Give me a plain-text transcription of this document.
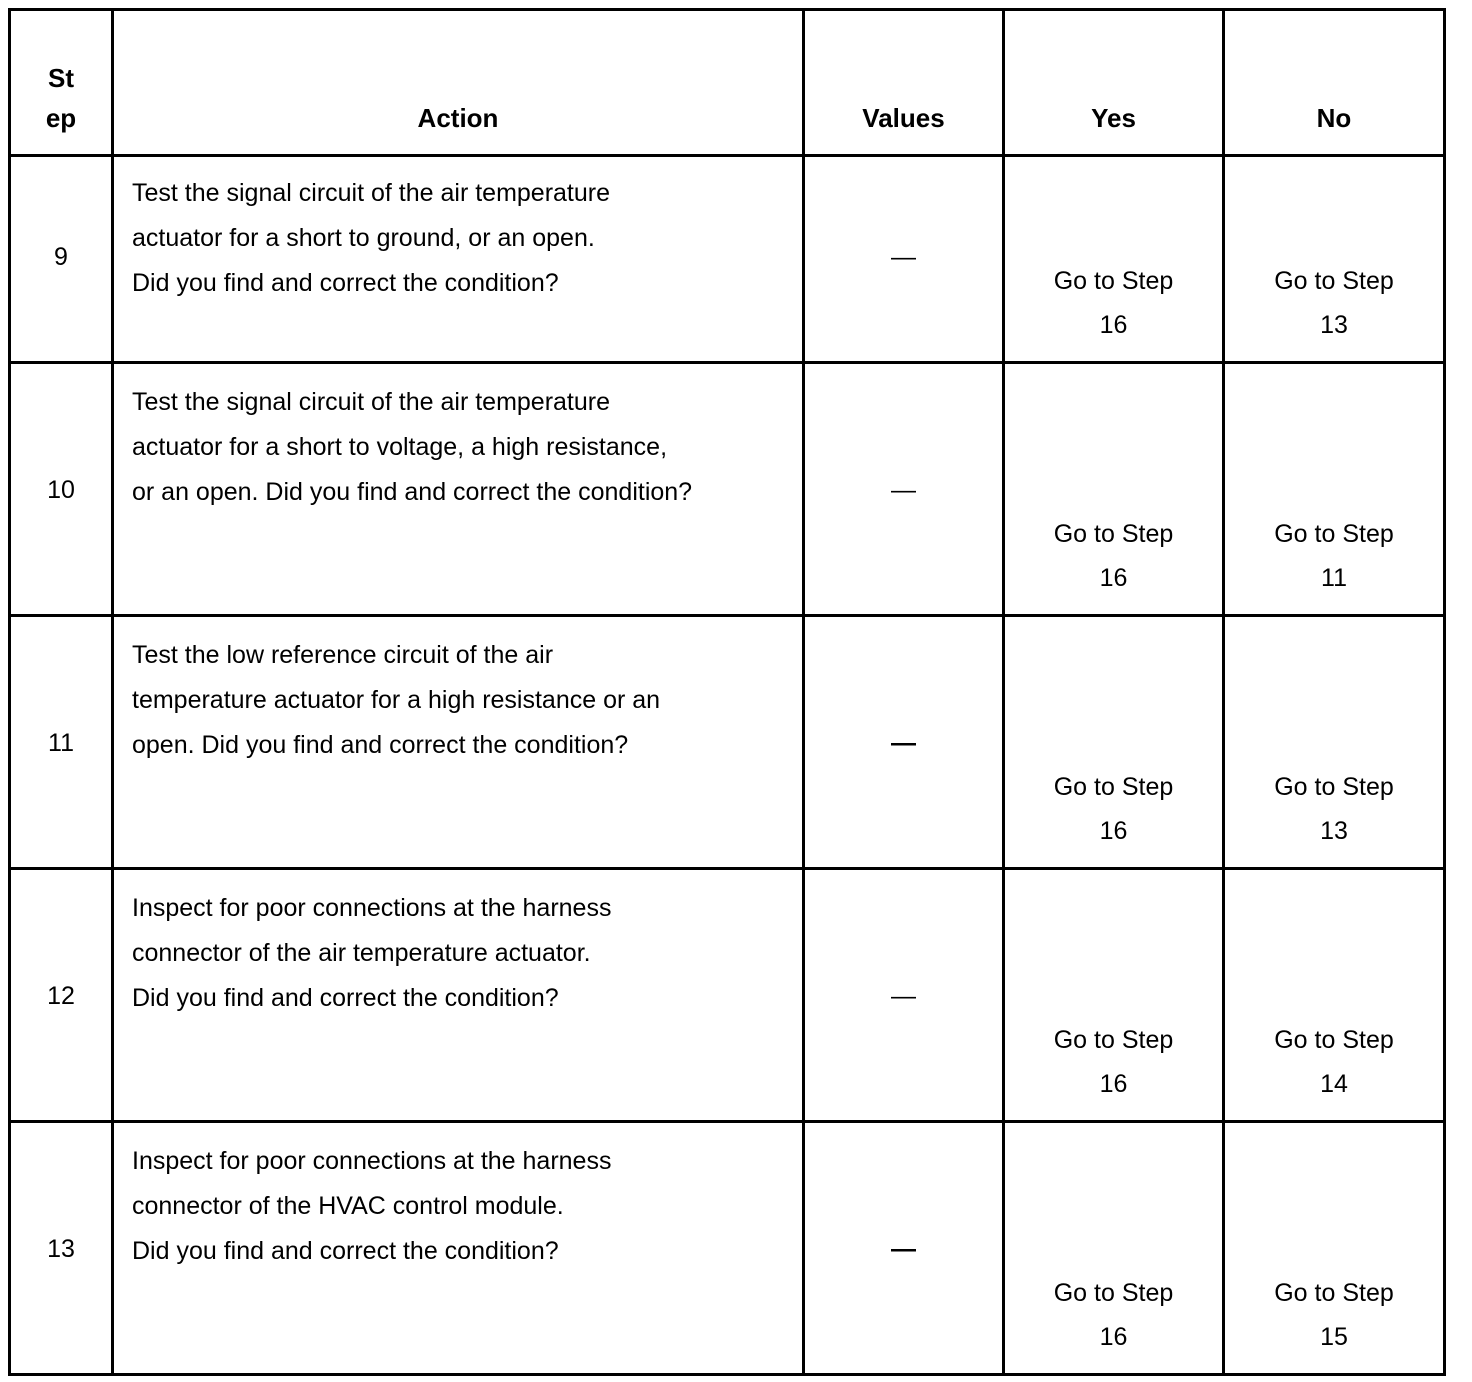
St
ep	Action	Values	Yes	No

9	Test the signal circuit of the air temperature
actuator for a short to ground, or an open.
Did you find and correct the condition?	—	Go to Step
16	Go to Step
13

10	Test the signal circuit of the air temperature
actuator for a short to voltage, a high resistance,
or an open. Did you find and correct the condition?	—	Go to Step
16	Go to Step
11

11	Test the low reference circuit of the air
temperature actuator for a high resistance or an
open. Did you find and correct the condition?	—	Go to Step
16	Go to Step
13

12	Inspect for poor connections at the harness
connector of the air temperature actuator.
Did you find and correct the condition?	—	Go to Step
16	Go to Step
14

13	Inspect for poor connections at the harness
connector of the HVAC control module.
Did you find and correct the condition?	—	Go to Step
16	Go to Step
15
